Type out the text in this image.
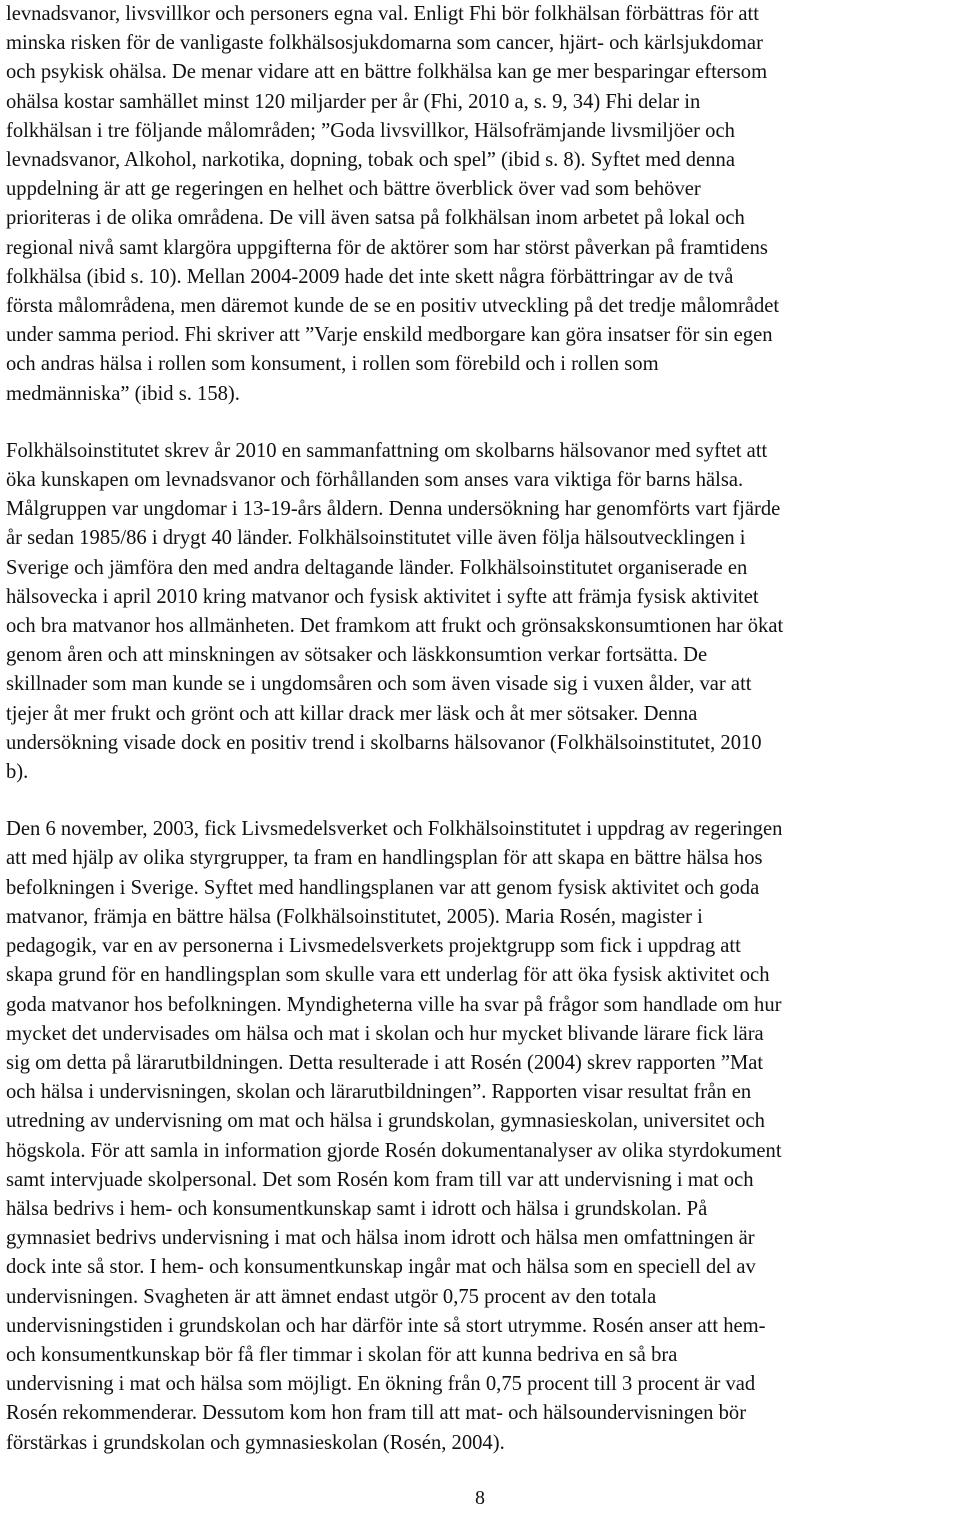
levnadsvanor, livsvillkor och personers egna val. Enligt Fhi bör folkhälsan förbättras för att
minska risken för de vanligaste folkhälsosjukdomarna som cancer, hjärt- och kärlsjukdomar
och psykisk ohälsa. De menar vidare att en bättre folkhälsa kan ge mer besparingar eftersom
ohälsa kostar samhället minst 120 miljarder per år (Fhi, 2010 a, s. 9, 34) Fhi delar in
folkhälsan i tre följande målområden; ”Goda livsvillkor, Hälsofrämjande livsmiljöer och
levnadsvanor, Alkohol, narkotika, dopning, tobak och spel” (ibid s. 8). Syftet med denna
uppdelning är att ge regeringen en helhet och bättre överblick över vad som behöver
prioriteras i de olika områdena. De vill även satsa på folkhälsan inom arbetet på lokal och
regional nivå samt klargöra uppgifterna för de aktörer som har störst påverkan på framtidens
folkhälsa (ibid s. 10). Mellan 2004-2009 hade det inte skett några förbättringar av de två
första målområdena, men däremot kunde de se en positiv utveckling på det tredje målområdet
under samma period. Fhi skriver att ”Varje enskild medborgare kan göra insatser för sin egen
och andras hälsa i rollen som konsument, i rollen som förebild och i rollen som
medmänniska” (ibid s. 158).
Folkhälsoinstitutet skrev år 2010 en sammanfattning om skolbarns hälsovanor med syftet att
öka kunskapen om levnadsvanor och förhållanden som anses vara viktiga för barns hälsa.
Målgruppen var ungdomar i 13-19-års åldern. Denna undersökning har genomförts vart fjärde
år sedan 1985/86 i drygt 40 länder. Folkhälsoinstitutet ville även följa hälsoutvecklingen i
Sverige och jämföra den med andra deltagande länder. Folkhälsoinstitutet organiserade en
hälsovecka i april 2010 kring matvanor och fysisk aktivitet i syfte att främja fysisk aktivitet
och bra matvanor hos allmänheten. Det framkom att frukt och grönsakskonsumtionen har ökat
genom åren och att minskningen av sötsaker och läskkonsumtion verkar fortsätta. De
skillnader som man kunde se i ungdomsåren och som även visade sig i vuxen ålder, var att
tjejer åt mer frukt och grönt och att killar drack mer läsk och åt mer sötsaker. Denna
undersökning visade dock en positiv trend i skolbarns hälsovanor (Folkhälsoinstitutet, 2010
b).
Den 6 november, 2003, fick Livsmedelsverket och Folkhälsoinstitutet i uppdrag av regeringen
att med hjälp av olika styrgrupper, ta fram en handlingsplan för att skapa en bättre hälsa hos
befolkningen i Sverige. Syftet med handlingsplanen var att genom fysisk aktivitet och goda
matvanor, främja en bättre hälsa (Folkhälsoinstitutet, 2005). Maria Rosén, magister i
pedagogik, var en av personerna i Livsmedelsverkets projektgrupp som fick i uppdrag att
skapa grund för en handlingsplan som skulle vara ett underlag för att öka fysisk aktivitet och
goda matvanor hos befolkningen. Myndigheterna ville ha svar på frågor som handlade om hur
mycket det undervisades om hälsa och mat i skolan och hur mycket blivande lärare fick lära
sig om detta på lärarutbildningen. Detta resulterade i att Rosén (2004) skrev rapporten ”Mat
och hälsa i undervisningen, skolan och lärarutbildningen”. Rapporten visar resultat från en
utredning av undervisning om mat och hälsa i grundskolan, gymnasieskolan, universitet och
högskola. För att samla in information gjorde Rosén dokumentanalyser av olika styrdokument
samt intervjuade skolpersonal. Det som Rosén kom fram till var att undervisning i mat och
hälsa bedrivs i hem- och konsumentkunskap samt i idrott och hälsa i grundskolan. På
gymnasiet bedrivs undervisning i mat och hälsa inom idrott och hälsa men omfattningen är
dock inte så stor. I hem- och konsumentkunskap ingår mat och hälsa som en speciell del av
undervisningen. Svagheten är att ämnet endast utgör 0,75 procent av den totala
undervisningstiden i grundskolan och har därför inte så stort utrymme. Rosén anser att hem-
och konsumentkunskap bör få fler timmar i skolan för att kunna bedriva en så bra
undervisning i mat och hälsa som möjligt. En ökning från 0,75 procent till 3 procent är vad
Rosén rekommenderar. Dessutom kom hon fram till att mat- och hälsoundervisningen bör
förstärkas i grundskolan och gymnasieskolan (Rosén, 2004).
8
